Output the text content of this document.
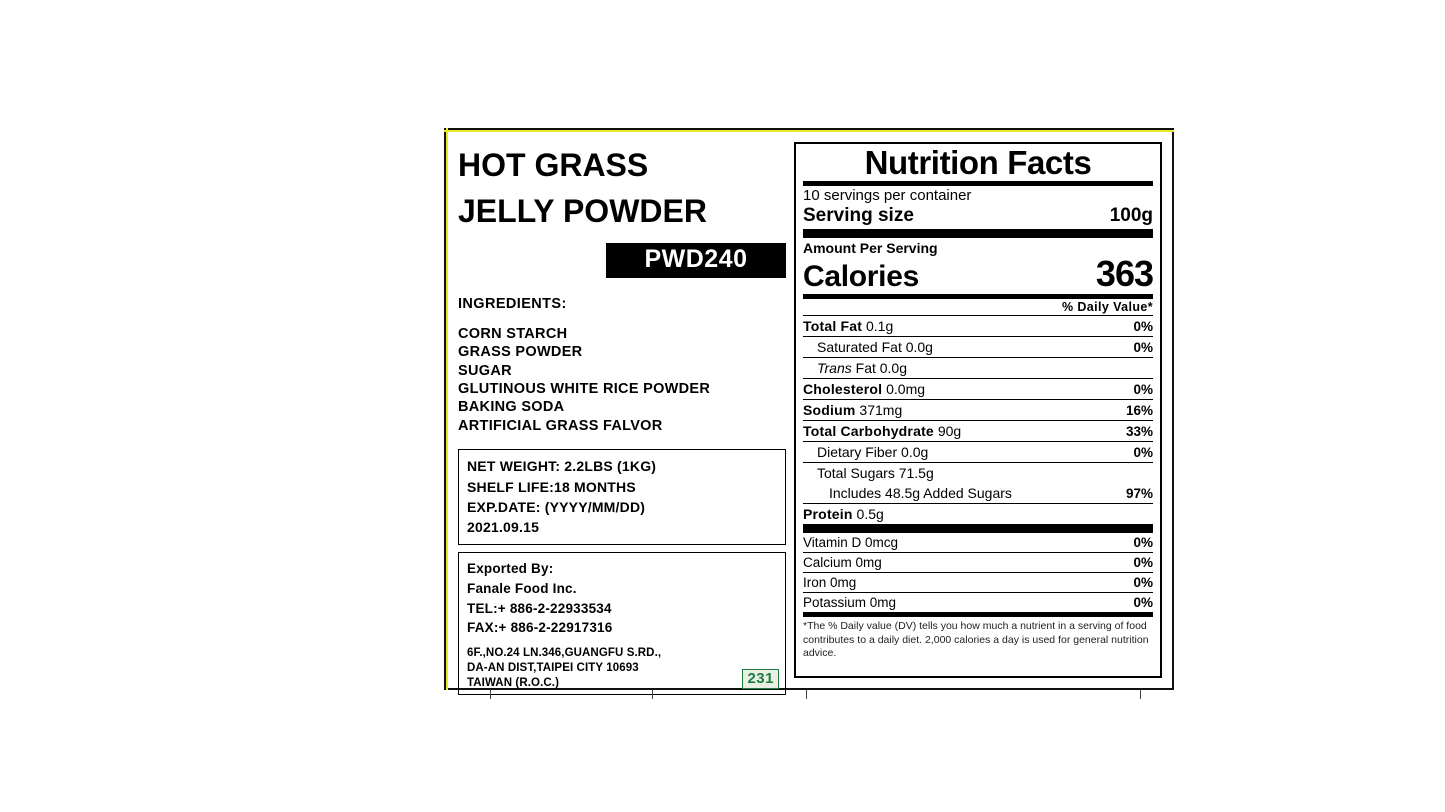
HOT GRASS
JELLY POWDER
PWD240
INGREDIENTS:
CORN STARCH
GRASS POWDER
SUGAR
GLUTINOUS WHITE RICE POWDER
BAKING SODA
ARTIFICIAL GRASS FALVOR
NET WEIGHT: 2.2LBS (1KG)
SHELF LIFE:18 MONTHS
EXP.DATE: (YYYY/MM/DD)
2021.09.15
Exported By:
Fanale Food Inc.
TEL:+ 886-2-22933534
FAX:+ 886-2-22917316
6F.,NO.24 LN.346,GUANGFU S.RD.,
DA-AN DIST,TAIPEI CITY 10693
TAIWAN (R.O.C.)	231
Nutrition Facts
10 servings per container
Serving size	100g
Amount Per Serving
Calories	363
% Daily Value*
Total Fat 0.1g	0%
Saturated Fat 0.0g	0%
Trans Fat 0.0g
Cholesterol 0.0mg	0%
Sodium 371mg	16%
Total Carbohydrate 90g	33%
Dietary Fiber 0.0g	0%
Total Sugars 71.5g
Includes 48.5g Added Sugars	97%
Protein 0.5g
Vitamin D 0mcg	0%
Calcium 0mg	0%
Iron 0mg	0%
Potassium 0mg	0%
*The % Daily value (DV) tells you how much a nutrient in a serving of food contributes to a daily diet. 2,000 calories a day is used for general nutrition advice.
